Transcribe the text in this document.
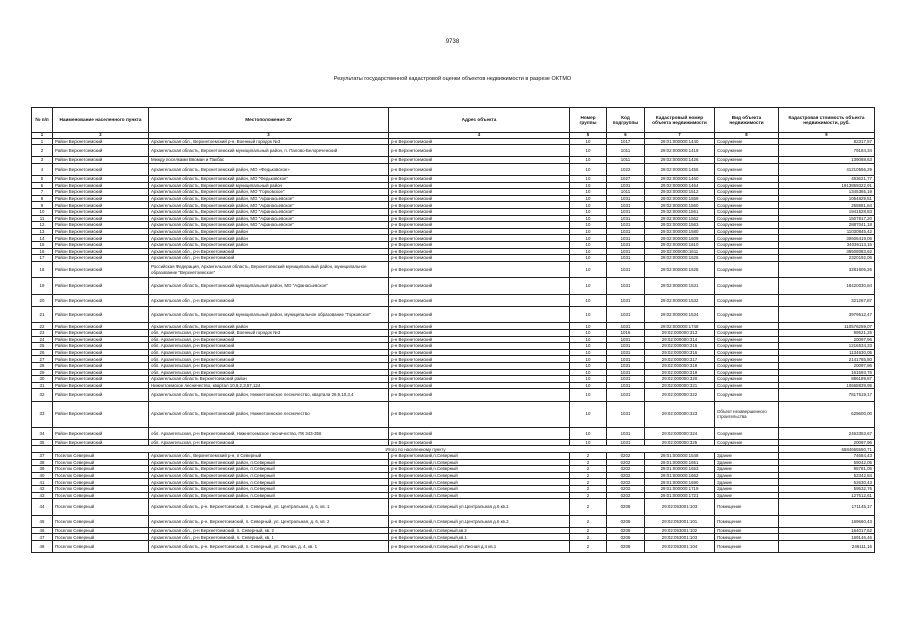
9738
Результаты государственной кадастровой оценки объектов недвижимости в разрезе ОКТМО
№ п/п	Наименование населенного пункта	Местоположение ЗУ	Адрес объекта	Номер группы	Код подгруппы	Кадастровый номер объекта недвижимости	Вид объекта недвижимости	Кадастровая стоимость объекта недвижимости, руб.
1	2	3	4	5	6	7	8	9
1	Район Верхнетоемский	Архангельская обл., Верхнетоемский р-н, Военный городок №3	р-н Верхнетоемский	10	1017	29:01:000000:1440	Сооружение	82317,57
2	Район Верхнетоемский	Архангельская область, Верхнетоемский муниципальный район, п. Палово-Белореченский	р-н Верхнетоемский	10	1011	29:02:000000:1419	Сооружение	79184,34
3	Район Верхнетоемский	Между поселками Ввоман и Пакбас	р-н Верхнетоемский	10	1011	29:02:000000:1426	Сооружение	139088,63
4	Район Верхнетоемский	Архангельская область, Верхнетоемский район, МО «Федьковское»	р-н Верхнетоемский	10	1022	29:02:000000:1456	Сооружение	41210556,29
5	Район Верхнетоемский	Архангельская область, Верхнетоемский район, МО "Федьковское"	р-н Верхнетоемский	10	1027	29:02:000000:1460	Сооружение	493621,77
6	Район Верхнетоемский	Архангельская область, Верхнетоемский муниципальный район	р-н Верхнетоемский	10	1031	29:02:000000:1464	Сооружение	1913859322,91
7	Район Верхнетоемский	Архангельская область, Верхнетоемский район, МО "Горковское"	р-н Верхнетоемский	10	1011	29:02:000000:1512	Сооружение	1345365,19
8	Район Верхнетоемский	Архангельская область, Верхнетоемский район, МО "Афанасьевское"	р-н Верхнетоемский	10	1031	29:02:000000:1559	Сооружение	1054829,51
9	Район Верхнетоемский	Архангельская область, Верхнетоемский район, МО "Афанасьевское"	р-н Верхнетоемский	10	1031	29:02:000000:1560	Сооружение	265981,84
10	Район Верхнетоемский	Архангельская область, Верхнетоемский район, МО "Афанасьевское"	р-н Верхнетоемский	10	1031	29:02:000000:1561	Сооружение	1941528,83
11	Район Верхнетоемский	Архангельская область, Верхнетоемский район, МО "Афанасьевское"	р-н Верхнетоемский	10	1031	29:02:000000:1562	Сооружение	1507817,20
12	Район Верхнетоемский	Архангельская область, Верхнетоемский район, МО "Афанасьевское"	р-н Верхнетоемский	10	1031	29:02:000000:1563	Сооружение	2887041,18
13	Район Верхнетоемский	Архангельская область, Верхнетоемский район	р-н Верхнетоемский	10	1031	29:02:000000:1580	Сооружение	11030845,42
14	Район Верхнетоемский	Архангельская область, Верхнетоемский район	р-н Верхнетоемский	10	1031	29:02:000000:1609	Сооружение	30606419,06
15	Район Верхнетоемский	Архангельская область, Верхнетоемский район	р-н Верхнетоемский	10	1031	29:02:000000:1610	Сооружение	34036113,15
16	Район Верхнетоемский	Архангельская обл., р-н Верхнетоемский	р-н Верхнетоемский	10	1031	29:02:000000:1611	Сооружение	36508083,62
17	Район Верхнетоемский	Архангельская обл., р-н Верхнетоемский	р-н Верхнетоемский	10	1031	29:02:000000:1626	Сооружение	2320192,06
18	Район Верхнетоемский	Российская Федерация, Архангельская область, Верхнетоемский муниципальный район, муниципальное образование "Верхнетоемское"	р-н Верхнетоемский	10	1031	29:02:000000:1628	Сооружение	3281605,26
19	Район Верхнетоемский	Архангельская область, Верхнетоемский муниципальный район, МО "Афанасьевское"	р-н Верхнетоемский	10	1031	29:02:000000:1531	Сооружение	18420030,84
20	Район Верхнетоемский	Архангельская обл., р-н Верхнетоемский	р-н Верхнетоемский	10	1031	29:02:000000:1532	Сооружение	321267,87
21	Район Верхнетоемский	Архангельская область, Верхнетоемский муниципальный район, муниципальное образование "Горковское"	р-н Верхнетоемский	10	1031	29:02:000000:1534	Сооружение	3979512,47
22	Район Верхнетоемский	Архангельская область, Верхнетоемский район	р-н Верхнетоемский	10	1031	29:02:000000:1748	Сооружение	110576259,07
23	Район Верхнетоемский	обл. Архангельская, р-н Верхнетоемский, Военный городок №3	р-н Верхнетоемский	10	1016	29:02:000000:313	Сооружение	99521,25
24	Район Верхнетоемский	обл. Архангельская, р-н Верхнетоемский	р-н Верхнетоемский	10	1031	29:02:000000:314	Сооружение	20097,96
25	Район Верхнетоемский	обл. Архангельская, р-н Верхнетоемский	р-н Верхнетоемский	10	1031	29:02:000000:315	Сооружение	1216534,33
26	Район Верхнетоемский	обл. Архангельская, р-н Верхнетоемский	р-н Верхнетоемский	10	1031	29:02:000000:316	Сооружение	1134630,05
27	Район Верхнетоемский	обл. Архангельская, р-н Верхнетоемский	р-н Верхнетоемский	10	1031	29:02:000000:317	Сооружение	2141785,80
28	Район Верхнетоемский	обл. Архангельская, р-н Верхнетоемский	р-н Верхнетоемский	10	1031	29:02:000000:318	Сооружение	20097,96
29	Район Верхнетоемский	обл. Архангельская, р-н Верхнетоемский	р-н Верхнетоемский	10	1031	29:02:000000:319	Сооружение	161593,76
30	Район Верхнетоемский	Архангельская область Верхнетоемский район	р-н Верхнетоемский	10	1031	29:02:000000:320	Сооружение	886189,87
31	Район Верхнетоемский	Нижнетоемское лесничество, квартал 10,9,2,3,57,124	р-н Верхнетоемский	10	1031	29:02:000000:321	Сооружение	10668839,95
32	Район Верхнетоемский	Архангельская область, Верхнетоемский район, Нижнетоемское лесничество, квартала 26,9,10,3,4	р-н Верхнетоемский	10	1031	29:02:000000:322	Сооружение	7817519,17
33	Район Верхнетоемский	Архангельская область, Верхнетоемский район, Нижнетоемское лесничество	р-н Верхнетоемский	10	1031	29:02:000000:323	Объект незавершенного строительства	629600,00
34	Район Верхнетоемский	обл. Архангельская, р-н Верхнетоемский, Нижнетоемское лесничество, ПК 343-356	р-н Верхнетоемский	10	1031	29:02:000000:324	Сооружение	2463353,67
35	Район Верхнетоемский	обл. Архангельская, р-н Верхнетоемский	р-н Верхнетоемский	10	1031	29:02:000000:325	Сооружение	20097,96
	Итого по населенному пункту							6684665550,71
37	Поселок Северный	Архангельская обл., Верхнетоемский р-н, п Северный	р-н Верхнетоемский,п.Северный	2	0202	29:01:000000:1548	Здание	74684,43
38	Поселок Северный	Архангельская область, Верхнетоемский район, п.Северный	р-н Верхнетоемский,п.Северный	2	0202	29:01:000000:1651	Здание	59042,05
39	Поселок Северный	Архангельская область, Верхнетоемский район, п.Северный	р-н Верхнетоемский,п.Северный	2	0202	29:01:000000:1653	Здание	95781,05
40	Поселок Северный	Архангельская область, Верхнетоемский район, п.Северный	р-н Верхнетоемский,п.Северный	2	0202	29:01:000000:1662	Здание	52342,84
41	Поселок Северный	Архангельская область, Верхнетоемский район, п.Северный	р-н Верхнетоемский,п.Северный	2	0202	29:01:000000:1690	Здание	52630,43
42	Поселок Северный	Архангельская область, Верхнетоемский район, п.Северный	р-н Верхнетоемский,п.Северный	2	0202	29:01:000000:1719	Здание	59532,76
43	Поселок Северный	Архангельская область, Верхнетоемский район, п.Северный	р-н Верхнетоемский,п.Северный	2	0202	29:01:000000:1721	Здание	127512,61
44	Поселок Северный	Архангельская область, р-н. Верхнетоемский, п. Северный, ул. Центральная, д. 6, кв. 1	р-н Верхнетоемский,п.Северный ул.Центральная д.6 кв.1	2	0206	29:02:053001:103	Помещение	171145,17
45	Поселок Северный	Архангельская область, р-н. Верхнетоемский, п. Северный, ул. Центральная, д. 6, кв. 2	р-н Верхнетоемский,п.Северный ул.Центральная д.6 кв.2	2	0206	29:02:053001:101	Помещение	169660,43
46	Поселок Северный	Архангельская обл., р-н Верхнетоемский, п. Северный, кв. 2	р-н Верхнетоемский,п.Северный,кв.2	2	0206	29:02:053001:102	Помещение	164017,62
47	Поселок Северный	Архангельская обл., р-н Верхнетоемский, п. Северный, кв. 1	р-н Верхнетоемский,п.Северный,кв.1	2	0206	29:02:053001:103	Помещение	169146,46
48	Поселок Северный	Архангельская область, р-н. Верхнетоемский, п. Северный, ул. Лесная, д. 4, кв. 1	р-н Верхнетоемский,п.Северный ул.Лесная д.4 кв.1	2	0206	29:02:053001:104	Помещение	246111,16
